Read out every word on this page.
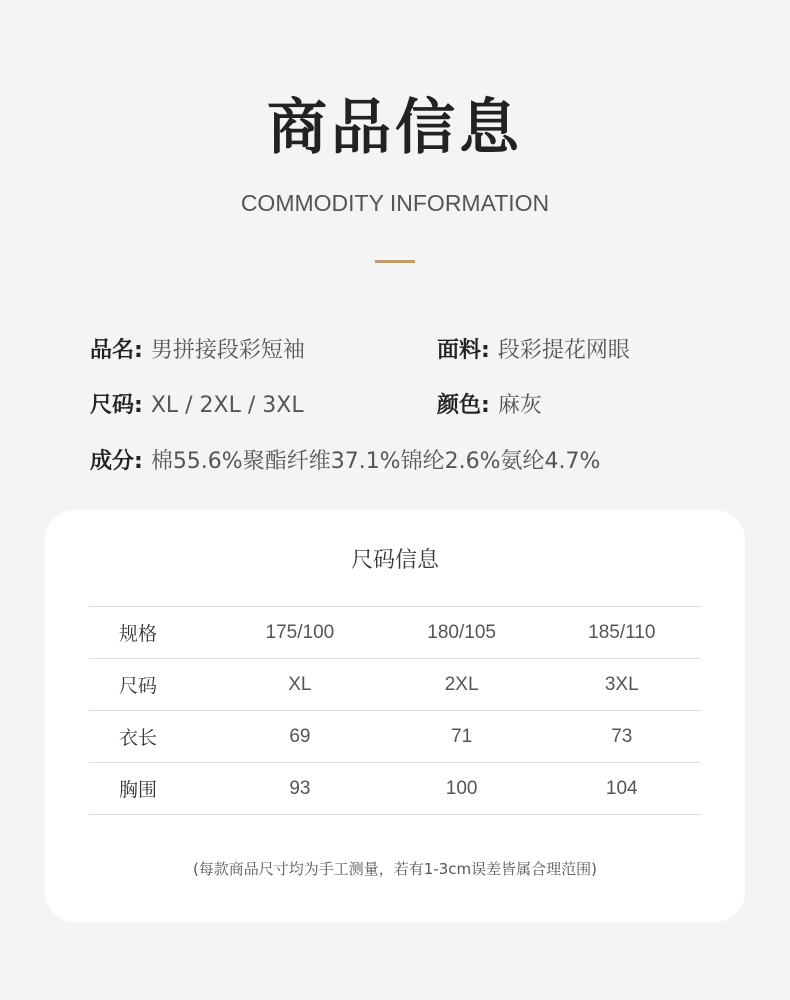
商品信息
COMMODITY INFORMATION
品名: 男拼接段彩短袖	面料: 段彩提花网眼
尺码: XL / 2XL / 3XL	颜色: 麻灰
成分: 棉55.6%聚酯纤维37.1%锦纶2.6%氨纶4.7%
尺码信息
规格	175/100	180/105	185/110
尺码	XL	2XL	3XL
衣长	69	71	73
胸围	93	100	104
(每款商品尺寸均为手工测量，若有1-3cm误差皆属合理范围)
